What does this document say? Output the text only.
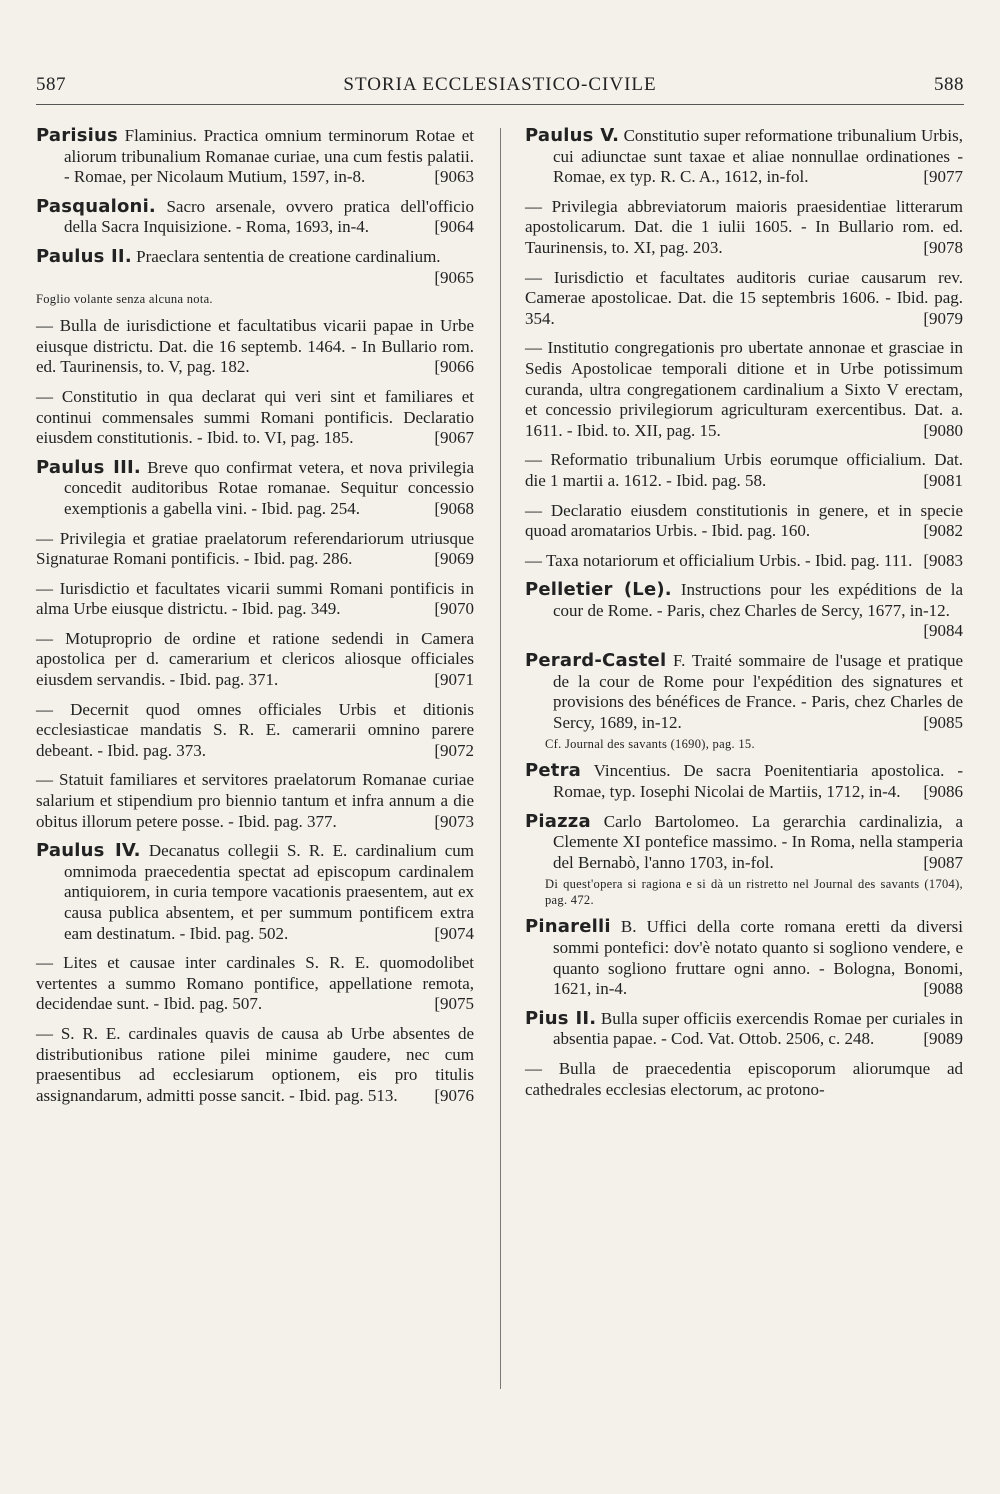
587	STORIA ECCLESIASTICO-CIVILE	588
Parisius Flaminius. Practica omnium terminorum Rotae et aliorum tribunalium Romanae curiae, una cum festis palatii. - Romae, per Nicolaum Mutium, 1597, in-8.	[9063
Pasqualoni. Sacro arsenale, ovvero pratica dell'officio della Sacra Inquisizione. - Roma, 1693, in-4.	[9064
Paulus II. Praeclara sententia de creatione cardinalium.
[9065
Foglio volante senza alcuna nota.
— Bulla de iurisdictione et facultatibus vicarii papae in Urbe eiusque districtu. Dat. die 16 septemb. 1464. - In Bullario rom. ed. Taurinensis, to. V, pag. 182.	[9066
— Constitutio in qua declarat qui veri sint et familiares et continui commensales summi Romani pontificis. Declaratio eiusdem constitutionis. - Ibid. to. VI, pag. 185.	[9067
Paulus III. Breve quo confirmat vetera, et nova privilegia concedit auditoribus Rotae romanae. Sequitur concessio exemptionis a gabella vini. - Ibid. pag. 254.	[9068
— Privilegia et gratiae praelatorum referendariorum utriusque Signaturae Romani pontificis. - Ibid. pag. 286.	[9069
— Iurisdictio et facultates vicarii summi Romani pontificis in alma Urbe eiusque districtu. - Ibid. pag. 349.	[9070
— Motuproprio de ordine et ratione sedendi in Camera apostolica per d. camerarium et clericos aliosque officiales eiusdem servandis. - Ibid. pag. 371.	[9071
— Decernit quod omnes officiales Urbis et ditionis ecclesiasticae mandatis S. R. E. camerarii omnino parere debeant. - Ibid. pag. 373.	[9072
— Statuit familiares et servitores praelatorum Romanae curiae salarium et stipendium pro biennio tantum et infra annum a die obitus illorum petere posse. - Ibid. pag. 377.	[9073
Paulus IV. Decanatus collegii S. R. E. cardinalium cum omnimoda praecedentia spectat ad episcopum cardinalem antiquiorem, in curia tempore vacationis praesentem, aut ex causa publica absentem, et per summum pontificem extra eam destinatum. - Ibid. pag. 502.	[9074
— Lites et causae inter cardinales S. R. E. quomodolibet vertentes a summo Romano pontifice, appellatione remota, decidendae sunt. - Ibid. pag. 507.	[9075
— S. R. E. cardinales quavis de causa ab Urbe absentes de distributionibus ratione pilei minime gaudere, nec cum praesentibus ad ecclesiarum optionem, eis pro titulis assignandarum, admitti posse sancit. - Ibid. pag. 513. [9076
Paulus V. Constitutio super reformatione tribunalium Urbis, cui adiunctae sunt taxae et aliae nonnullae ordinationes - Romae, ex typ. R. C. A., 1612, in-fol.	[9077
— Privilegia abbreviatorum maioris praesidentiae litterarum apostolicarum. Dat. die 1 iulii 1605. - In Bullario rom. ed. Taurinensis, to. XI, pag. 203.	[9078
— Iurisdictio et facultates auditoris curiae causarum rev. Camerae apostolicae. Dat. die 15 septembris 1606. - Ibid. pag. 354.	[9079
— Institutio congregationis pro ubertate annonae et grasciae in Sedis Apostolicae temporali ditione et in Urbe potissimum curanda, ultra congregationem cardinalium a Sixto V erectam, et concessio privilegiorum agriculturam exercentibus. Dat. a. 1611. - Ibid. to. XII, pag. 15.	[9080
— Reformatio tribunalium Urbis eorumque officialium. Dat. die 1 martii a. 1612. - Ibid. pag. 58.	[9081
— Declaratio eiusdem constitutionis in genere, et in specie quoad aromatarios Urbis. - Ibid. pag. 160.	[9082
— Taxa notariorum et officialium Urbis. - Ibid. pag. 111. [9083
Pelletier (Le). Instructions pour les expéditions de la cour de Rome. - Paris, chez Charles de Sercy, 1677, in-12.
[9084
Perard-Castel F. Traité sommaire de l'usage et pratique de la cour de Rome pour l'expédition des signatures et provisions des bénéfices de France. - Paris, chez Charles de Sercy, 1689, in-12.	[9085
Cf. Journal des savants (1690), pag. 15.
Petra Vincentius. De sacra Poenitentiaria apostolica. - Romae, typ. Iosephi Nicolai de Martiis, 1712, in-4. [9086
Piazza Carlo Bartolomeo. La gerarchia cardinalizia, a Clemente XI pontefice massimo. - In Roma, nella stamperia del Bernabò, l'anno 1703, in-fol.	[9087
Di quest'opera si ragiona e si dà un ristretto nel Journal des savants (1704), pag. 472.
Pinarelli B. Uffici della corte romana eretti da diversi sommi pontefici: dov'è notato quanto si sogliono vendere, e quanto sogliono fruttare ogni anno. - Bologna, Bonomi, 1621, in-4.	[9088
Pius II. Bulla super officiis exercendis Romae per curiales in absentia papae. - Cod. Vat. Ottob. 2506, c. 248.	[9089
— Bulla de praecedentia episcoporum aliorumque ad cathedrales ecclesias electorum, ac protono-
